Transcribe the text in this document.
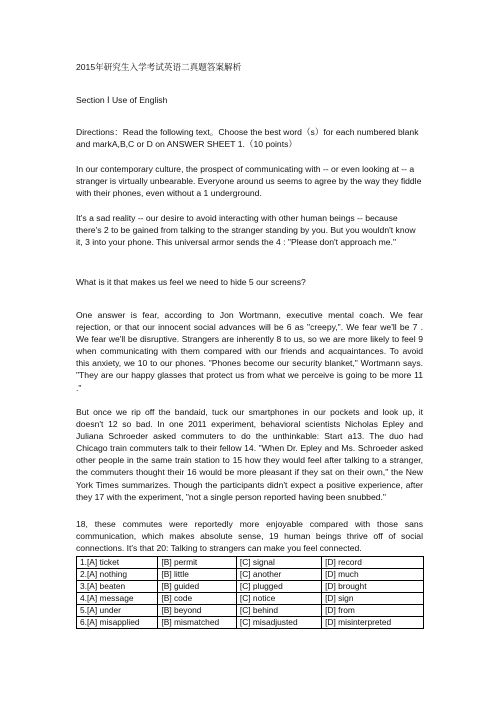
2015年研究生入学考试英语二真题答案解析
Section Ⅰ Use of English
Directions：Read the following text。Choose the best word（s）for each numbered blank and markA,B,C or D on ANSWER SHEET 1.（10 points）
In our contemporary culture, the prospect of communicating with -- or even looking at -- a stranger is virtually unbearable. Everyone around us seems to agree by the way they fiddle with their phones, even without a 1 underground.
It's a sad reality -- our desire to avoid interacting with other human beings -- because there's 2 to be gained from talking to the stranger standing by you. But you wouldn't know it, 3 into your phone. This universal armor sends the 4 : "Please don't approach me."
What is it that makes us feel we need to hide 5 our screens?
One answer is fear, according to Jon Wortmann, executive mental coach. We fear rejection, or that our innocent social advances will be 6 as "creepy,". We fear we'll be 7 . We fear we'll be disruptive. Strangers are inherently 8 to us, so we are more likely to feel 9 when communicating with them compared with our friends and acquaintances. To avoid this anxiety, we 10 to our phones. "Phones become our security blanket," Wortmann says. "They are our happy glasses that protect us from what we perceive is going to be more 11 ."
But once we rip off the bandaid, tuck our smartphones in our pockets and look up, it doesn't 12 so bad. In one 2011 experiment, behavioral scientists Nicholas Epley and Juliana Schroeder asked commuters to do the unthinkable: Start a13. The duo had Chicago train commuters talk to their fellow 14. "When Dr. Epley and Ms. Schroeder asked other people in the same train station to 15 how they would feel after talking to a stranger, the commuters thought their 16 would be more pleasant if they sat on their own," the New York Times summarizes. Though the participants didn't expect a positive experience, after they 17 with the experiment, "not a single person reported having been snubbed."
18, these commutes were reportedly more enjoyable compared with those sans communication, which makes absolute sense, 19 human beings thrive off of social connections. It's that 20: Talking to strangers can make you feel connected.
1.[A] ticket	[B] permit	[C] signal	[D] record
2.[A] nothing	[B] little	[C] another	[D] much
3.[A] beaten	[B] guided	[C] plugged	[D] brought
4.[A] message	[B] code	[C] notice	[D] sign
5.[A] under	[B] beyond	[C] behind	[D] from
6.[A] misapplied	[B] mismatched	[C] misadjusted	[D] misinterpreted
